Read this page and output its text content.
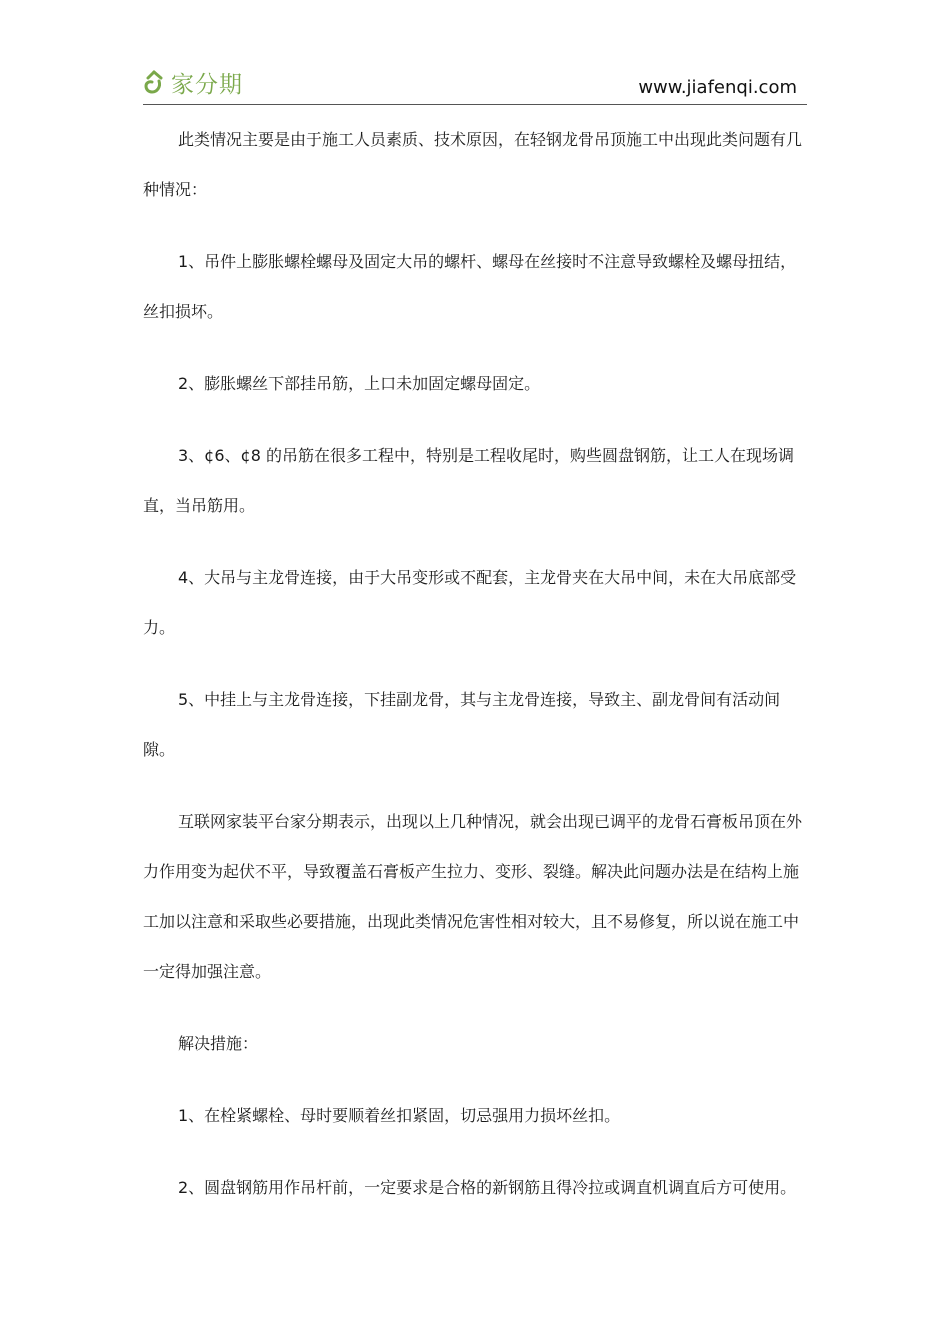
家分期	www.jiafenqi.com

此类情况主要是由于施工人员素质、技术原因，在轻钢龙骨吊顶施工中出现此类问题有几种情况：

1、吊件上膨胀螺栓螺母及固定大吊的螺杆、螺母在丝接时不注意导致螺栓及螺母扭结，丝扣损坏。

2、膨胀螺丝下部挂吊筋，上口未加固定螺母固定。

3、¢6、¢8 的吊筋在很多工程中，特别是工程收尾时，购些圆盘钢筋，让工人在现场调直，当吊筋用。

4、大吊与主龙骨连接，由于大吊变形或不配套，主龙骨夹在大吊中间，未在大吊底部受力。

5、中挂上与主龙骨连接，下挂副龙骨，其与主龙骨连接，导致主、副龙骨间有活动间隙。

互联网家装平台家分期表示，出现以上几种情况，就会出现已调平的龙骨石膏板吊顶在外力作用变为起伏不平，导致覆盖石膏板产生拉力、变形、裂缝。解决此问题办法是在结构上施工加以注意和采取些必要措施，出现此类情况危害性相对较大，且不易修复，所以说在施工中一定得加强注意。

解决措施：

1、在栓紧螺栓、母时要顺着丝扣紧固，切忌强用力损坏丝扣。

2、圆盘钢筋用作吊杆前，一定要求是合格的新钢筋且得冷拉或调直机调直后方可使用。
